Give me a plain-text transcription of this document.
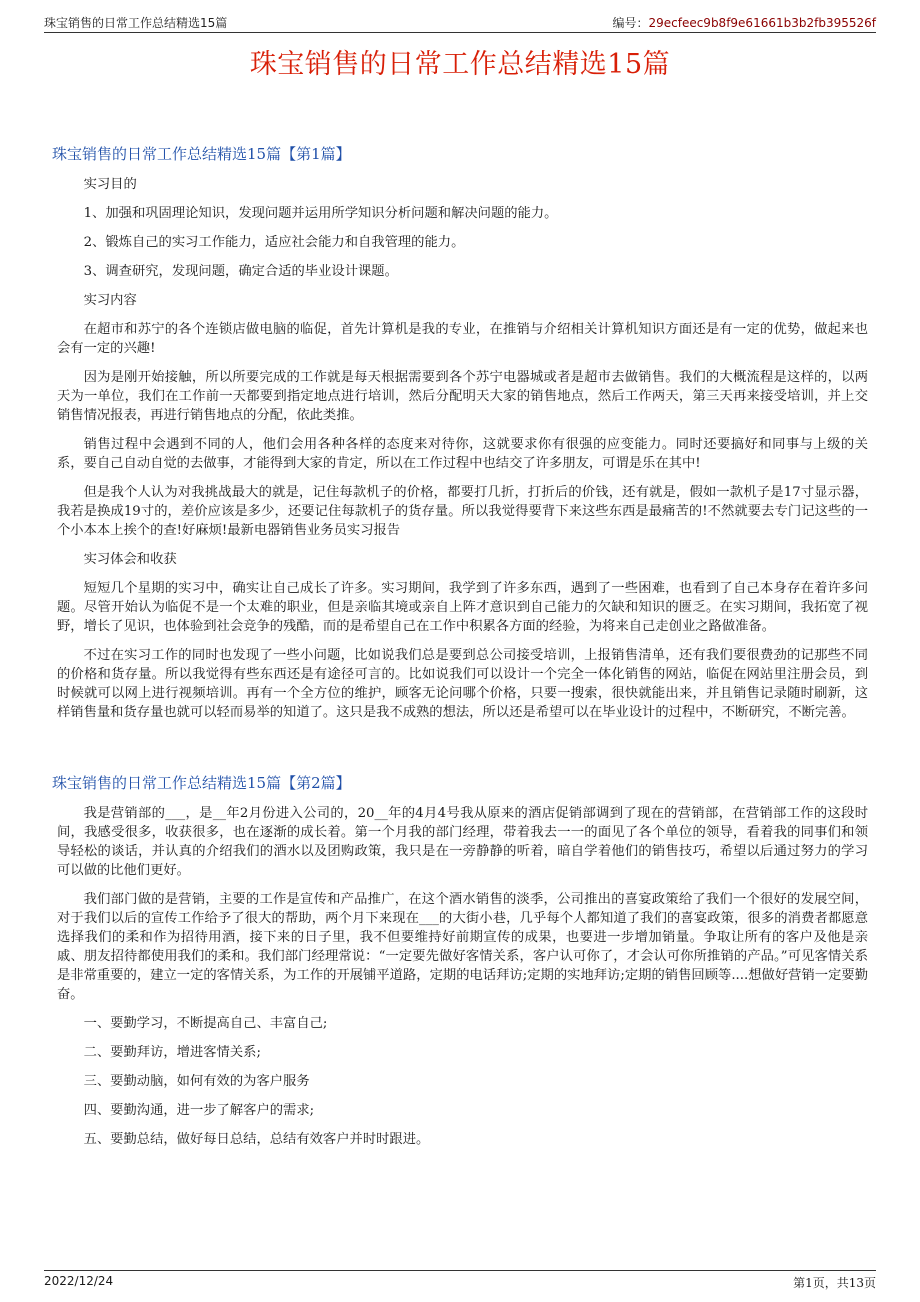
珠宝销售的日常工作总结精选15篇	编号：29ecfeec9b8f9e61661b3b2fb395526f
珠宝销售的日常工作总结精选15篇
珠宝销售的日常工作总结精选15篇【第1篇】

实习目的

1、加强和巩固理论知识，发现问题并运用所学知识分析问题和解决问题的能力。

2、锻炼自己的实习工作能力，适应社会能力和自我管理的能力。

3、调查研究，发现问题，确定合适的毕业设计课题。

实习内容

在超市和苏宁的各个连锁店做电脑的临促，首先计算机是我的专业，在推销与介绍相关计算机知识方面还是有一定的优势，做起来也会有一定的兴趣!

因为是刚开始接触，所以所要完成的工作就是每天根据需要到各个苏宁电器城或者是超市去做销售。我们的大概流程是这样的，以两天为一单位，我们在工作前一天都要到指定地点进行培训，然后分配明天大家的销售地点，然后工作两天，第三天再来接受培训，并上交销售情况报表，再进行销售地点的分配，依此类推。

销售过程中会遇到不同的人，他们会用各种各样的态度来对待你，这就要求你有很强的应变能力。同时还要搞好和同事与上级的关系，要自己自动自觉的去做事，才能得到大家的肯定，所以在工作过程中也结交了许多朋友，可谓是乐在其中!

但是我个人认为对我挑战最大的就是，记住每款机子的价格，都要打几折，打折后的价钱，还有就是，假如一款机子是17寸显示器，我若是换成19寸的，差价应该是多少，还要记住每款机子的货存量。所以我觉得要背下来这些东西是最痛苦的!不然就要去专门记这些的一个小本本上挨个的查!好麻烦!最新电器销售业务员实习报告

实习体会和收获

短短几个星期的实习中，确实让自己成长了许多。实习期间，我学到了许多东西，遇到了一些困难，也看到了自己本身存在着许多问题。尽管开始认为临促不是一个太难的职业，但是亲临其境或亲自上阵才意识到自己能力的欠缺和知识的匮乏。在实习期间，我拓宽了视野，增长了见识，也体验到社会竞争的残酷，而的是希望自己在工作中积累各方面的经验，为将来自己走创业之路做准备。

不过在实习工作的同时也发现了一些小问题，比如说我们总是要到总公司接受培训，上报销售清单，还有我们要很费劲的记那些不同的价格和货存量。所以我觉得有些东西还是有途径可言的。比如说我们可以设计一个完全一体化销售的网站，临促在网站里注册会员，到时候就可以网上进行视频培训。再有一个全方位的维护，顾客无论问哪个价格，只要一搜索，很快就能出来，并且销售记录随时刷新，这样销售量和货存量也就可以轻而易举的知道了。这只是我不成熟的想法，所以还是希望可以在毕业设计的过程中，不断研究，不断完善。

珠宝销售的日常工作总结精选15篇【第2篇】

我是营销部的___，是__年2月份进入公司的，20__年的4月4号我从原来的酒店促销部调到了现在的营销部，在营销部工作的这段时间，我感受很多，收获很多，也在逐渐的成长着。第一个月我的部门经理，带着我去一一的面见了各个单位的领导，看着我的同事们和领导轻松的谈话，并认真的介绍我们的酒水以及团购政策，我只是在一旁静静的听着，暗自学着他们的销售技巧，希望以后通过努力的学习可以做的比他们更好。

我们部门做的是营销，主要的工作是宣传和产品推广，在这个酒水销售的淡季，公司推出的喜宴政策给了我们一个很好的发展空间，对于我们以后的宣传工作给予了很大的帮助，两个月下来现在___的大街小巷，几乎每个人都知道了我们的喜宴政策，很多的消费者都愿意选择我们的柔和作为招待用酒，接下来的日子里，我不但要维持好前期宣传的成果，也要进一步增加销量。争取让所有的客户及他是亲戚、朋友招待都使用我们的柔和。我们部门经理常说：“一定要先做好客情关系，客户认可你了，才会认可你所推销的产品。”可见客情关系是非常重要的，建立一定的客情关系，为工作的开展铺平道路，定期的电话拜访;定期的实地拜访;定期的销售回顾等....想做好营销一定要勤奋。

一、要勤学习，不断提高自己、丰富自己;

二、要勤拜访，增进客情关系;

三、要勤动脑，如何有效的为客户服务

四、要勤沟通，进一步了解客户的需求;

五、要勤总结，做好每日总结，总结有效客户并时时跟进。

2022/12/24	第1页，共13页
